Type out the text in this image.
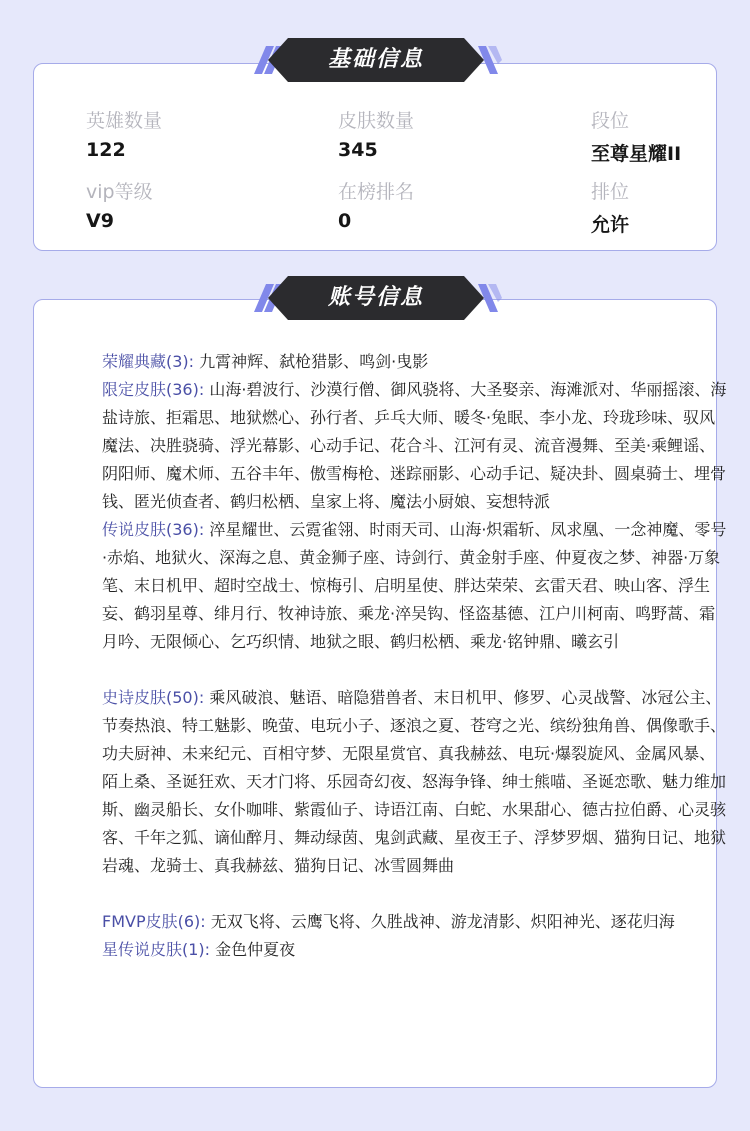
英雄数量
122
皮肤数量
345
段位
至尊星耀II
vip等级
V9
在榜排名
0
排位
允许
基础信息

荣耀典藏(3): 九霄神辉、弑枪猎影、鸣剑·曳影

限定皮肤(36): 山海·碧波行、沙漠行僧、御风骁将、大圣娶亲、海滩派对、华丽摇滚、海盐诗旅、拒霜思、地狱燃心、孙行者、乒乓大师、暖冬·兔眠、李小龙、玲珑珍味、驭风魔法、决胜骁骑、浮光幕影、心动手记、花合斗、江河有灵、流音漫舞、至美·乘鲤谣、阴阳师、魔术师、五谷丰年、傲雪梅枪、迷踪丽影、心动手记、疑决卦、圆桌骑士、埋骨钱、匿光侦查者、鹤归松栖、皇家上将、魔法小厨娘、妄想特派

传说皮肤(36): 淬星耀世、云霓雀翎、时雨天司、山海·炽霜斩、凤求凰、一念神魔、零号·赤焰、地狱火、深海之息、黄金狮子座、诗剑行、黄金射手座、仲夏夜之梦、神器·万象笔、末日机甲、超时空战士、惊梅引、启明星使、胖达荣荣、玄雷天君、映山客、浮生妄、鹤羽星尊、绯月行、牧神诗旅、乘龙·淬吴钩、怪盗基德、江户川柯南、鸣野蒿、霜月吟、无限倾心、乞巧织情、地狱之眼、鹤归松栖、乘龙·铭钟鼎、曦玄引

史诗皮肤(50): 乘风破浪、魅语、暗隐猎兽者、末日机甲、修罗、心灵战警、冰冠公主、节奏热浪、特工魅影、晚萤、电玩小子、逐浪之夏、苍穹之光、缤纷独角兽、偶像歌手、功夫厨神、未来纪元、百相守梦、无限星赏官、真我赫兹、电玩·爆裂旋风、金属风暴、陌上桑、圣诞狂欢、天才门将、乐园奇幻夜、怒海争锋、绅士熊喵、圣诞恋歌、魅力维加斯、幽灵船长、女仆咖啡、紫霞仙子、诗语江南、白蛇、水果甜心、德古拉伯爵、心灵骇客、千年之狐、谪仙醉月、舞动绿茵、鬼剑武藏、星夜王子、浮梦罗烟、猫狗日记、地狱岩魂、龙骑士、真我赫兹、猫狗日记、冰雪圆舞曲

FMVP皮肤(6): 无双飞将、云鹰飞将、久胜战神、游龙清影、炽阳神光、逐花归海

星传说皮肤(1): 金色仲夏夜

账号信息
